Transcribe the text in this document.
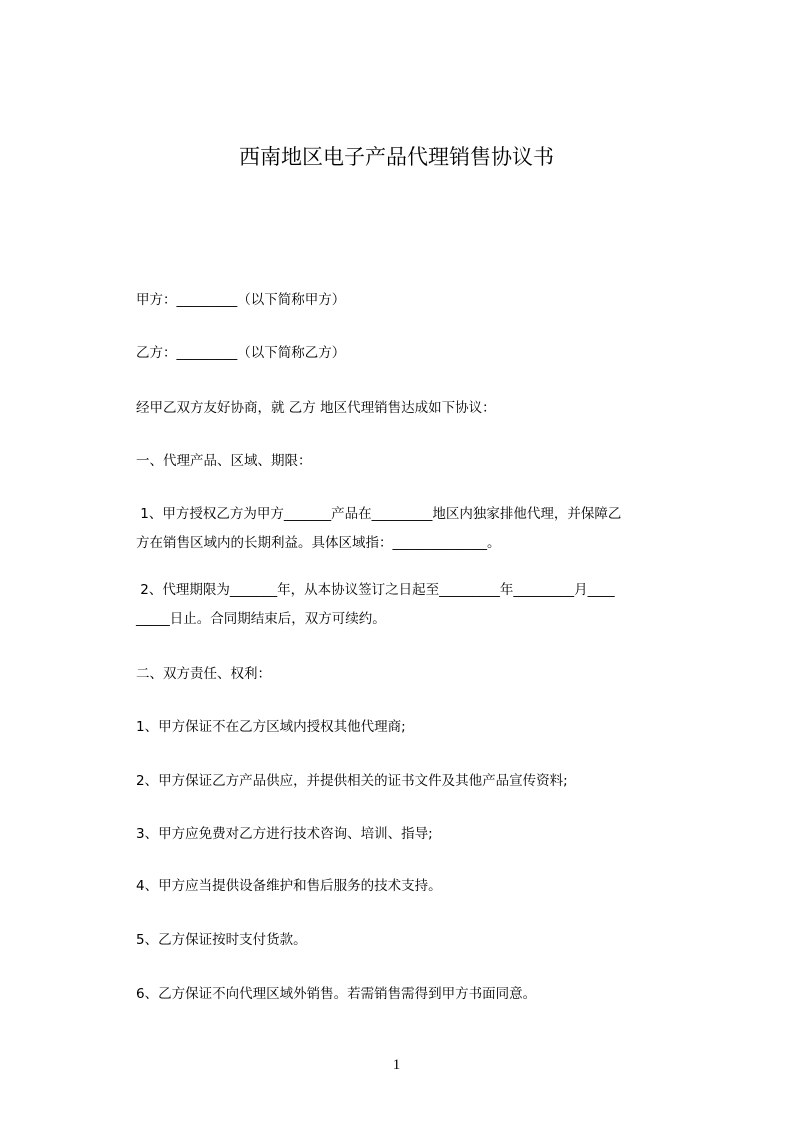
西南地区电子产品代理销售协议书
甲方：_________（以下简称甲方）
乙方：_________（以下简称乙方）
经甲乙双方友好协商，就 乙方 地区代理销售达成如下协议：
一、代理产品、区域、期限：
1、甲方授权乙方为甲方_______产品在_________地区内独家排他代理，并保障乙
方在销售区域内的长期利益。具体区域指：______________。
2、代理期限为_______年，从本协议签订之日起至_________年_________月____
_____日止。合同期结束后，双方可续约。
二、双方责任、权利：
1、甲方保证不在乙方区域内授权其他代理商;
2、甲方保证乙方产品供应，并提供相关的证书文件及其他产品宣传资料;
3、甲方应免费对乙方进行技术咨询、培训、指导;
4、甲方应当提供设备维护和售后服务的技术支持。
5、乙方保证按时支付货款。
6、乙方保证不向代理区域外销售。若需销售需得到甲方书面同意。
1
